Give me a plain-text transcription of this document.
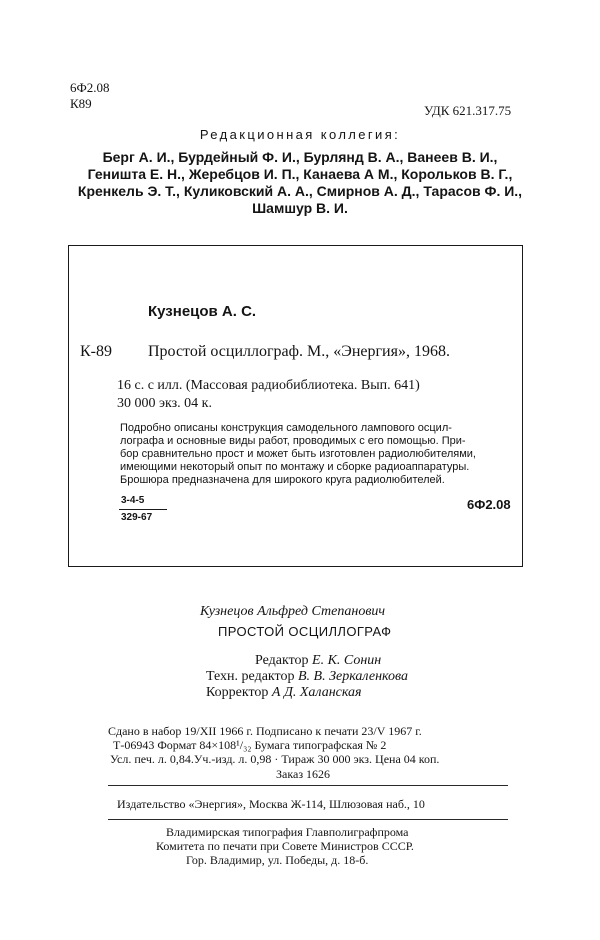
6Ф2.08
К89	УДК 621.317.75
Редакционная коллегия:
Берг А. И., Бурдейный Ф. И., Бурлянд В. А., Ванеев В. И.,
Геништа Е. Н., Жеребцов И. П., Канаева А М., Корольков В. Г.,
Кренкель Э. Т., Куликовский А. А., Смирнов А. Д., Тарасов Ф. И.,
Шамшур В. И.
Кузнецов А. С.
К-89 Простой осциллограф. М., «Энергия», 1968.
16 с. с илл. (Массовая радиобиблиотека. Вып. 641)
30 000 экз. 04 к.
Подробно описаны конструкция самодельного лампового осцил-
лографа и основные виды работ, проводимых с его помощью. При-
бор сравнительно прост и может быть изготовлен радиолюбителями,
имеющими некоторый опыт по монтажу и сборке радиоаппаратуры.
Брошюра предназначена для широкого круга радиолюбителей.
3-4-5
329-67
6Ф2.08
Кузнецов Альфред Степанович
ПРОСТОЙ ОСЦИЛЛОГРАФ
Редактор Е. К. Сонин
Техн. редактор В. В. Зеркаленкова
Корректор А Д. Халанская
Сдано в набор 19/XII 1966 г. Подписано к печати 23/V 1967 г.
Т-06943 Формат 84×108¹/₃₂ Бумага типографская № 2
Усл. печ. л. 0,84.Уч.-изд. л. 0,98 · Тираж 30 000 экз. Цена 04 коп.
Заказ 1626
Издательство «Энергия», Москва Ж-114, Шлюзовая наб., 10
Владимирская типография Главполиграфпрома
Комитета по печати при Совете Министров СССР.
Гор. Владимир, ул. Победы, д. 18-б.
